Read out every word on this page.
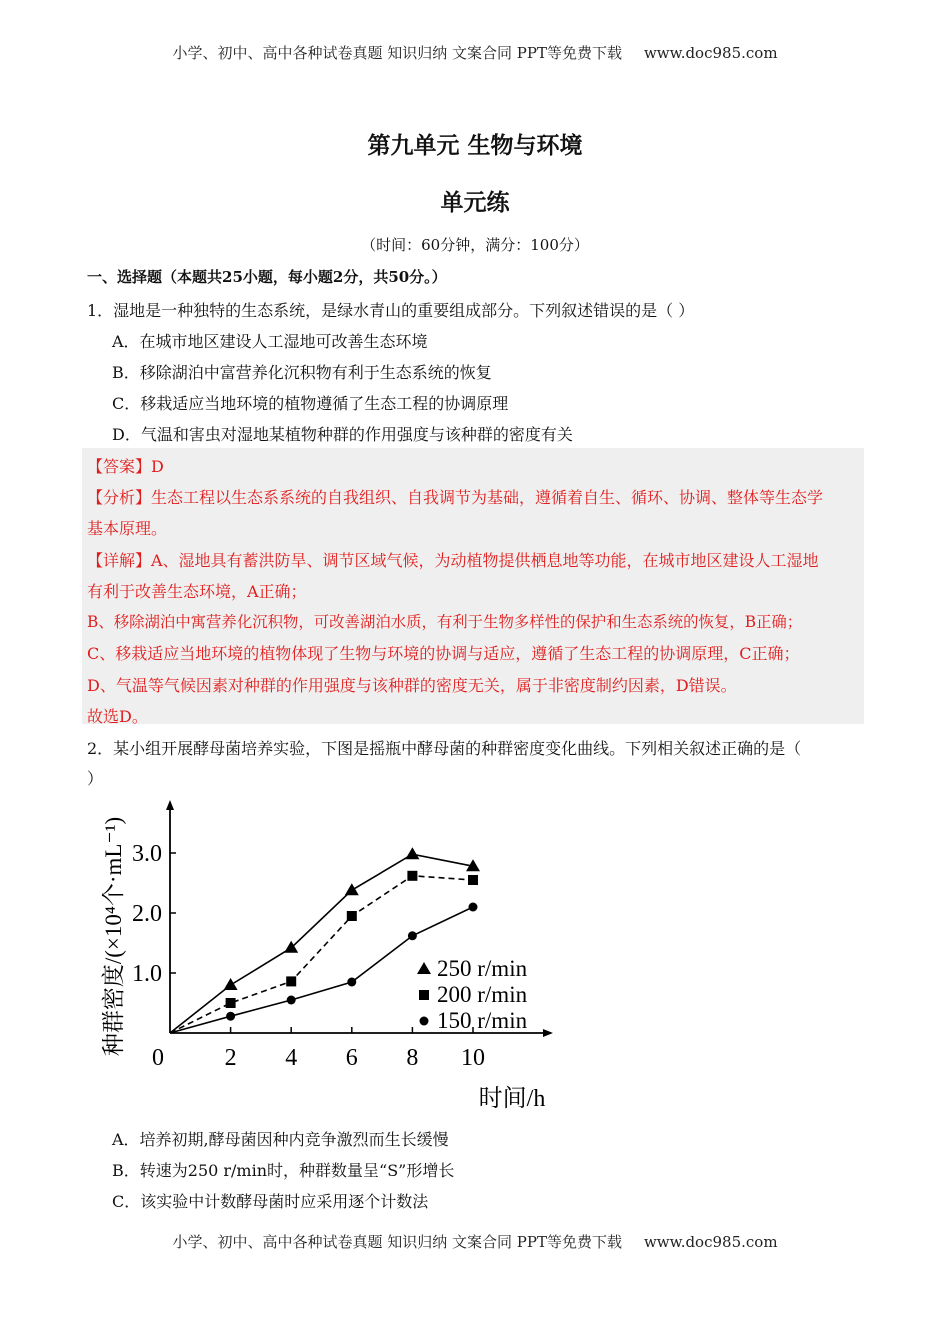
小学、初中、高中各种试卷真题 知识归纳 文案合同 PPT等免费下载 www.doc985.com
第九单元 生物与环境
单元练
（时间：60分钟，满分：100分）
一、选择题（本题共25小题，每小题2分，共50分。）
1．湿地是一种独特的生态系统，是绿水青山的重要组成部分。下列叙述错误的是（ ）
A．在城市地区建设人工湿地可改善生态环境
B．移除湖泊中富营养化沉积物有利于生态系统的恢复
C．移栽适应当地环境的植物遵循了生态工程的协调原理
D．气温和害虫对湿地某植物种群的作用强度与该种群的密度有关
【答案】D
【分析】生态工程以生态系系统的自我组织、自我调节为基础，遵循着自生、循环、协调、整体等生态学
基本原理。
【详解】A、湿地具有蓄洪防旱、调节区域气候，为动植物提供栖息地等功能，在城市地区建设人工湿地
有利于改善生态环境，A正确；
B、移除湖泊中寓营养化沉积物，可改善湖泊水质，有利于生物多样性的保护和生态系统的恢复，B正确；
C、移栽适应当地环境的植物体现了生物与环境的协调与适应，遵循了生态工程的协调原理，C正确；
D、气温等气候因素对种群的作用强度与该种群的密度无关，属于非密度制约因素，D错误。
故选D。
2．某小组开展酵母菌培养实验，下图是摇瓶中酵母菌的种群密度变化曲线。下列相关叙述正确的是（
）
0	2 4 6 8 10
1.0
2.0
3.0
时间/h
种群密度/(×10⁴个·mL⁻¹)	250 r/min
200 r/min
150 r/min
A．培养初期,酵母菌因种内竞争激烈而生长缓慢
B．转速为250 r/min时，种群数量呈“S”形增长
C．该实验中计数酵母菌时应采用逐个计数法
小学、初中、高中各种试卷真题 知识归纳 文案合同 PPT等免费下载 www.doc985.com
